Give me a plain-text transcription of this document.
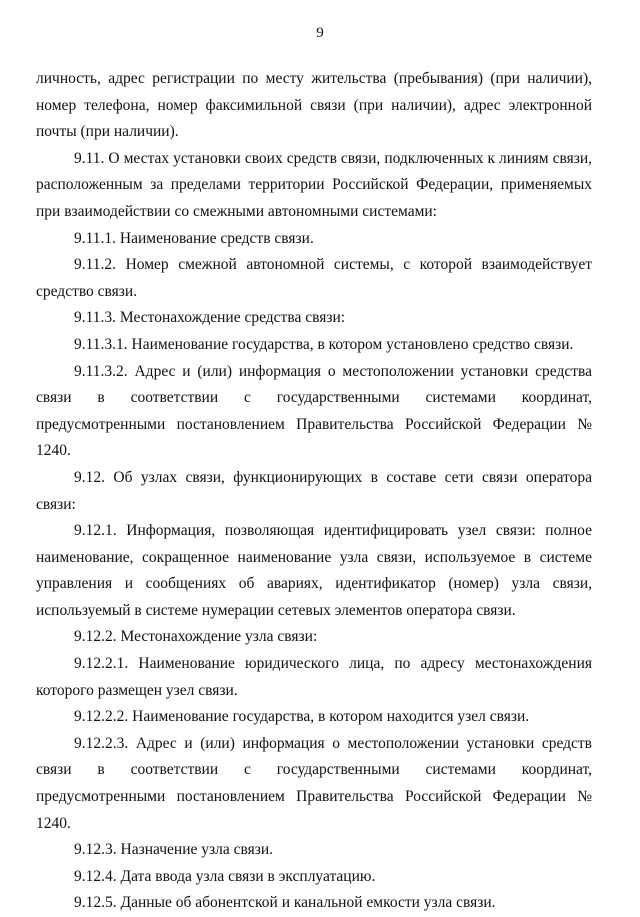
9

личность, адрес регистрации по месту жительства (пребывания) (при наличии), номер телефона, номер факсимильной связи (при наличии), адрес электронной почты (при наличии).

9.11. О местах установки своих средств связи, подключенных к линиям связи, расположенным за пределами территории Российской Федерации, применяемых при взаимодействии со смежными автономными системами:

9.11.1. Наименование средств связи.

9.11.2. Номер смежной автономной системы, с которой взаимодействует средство связи.

9.11.3. Местонахождение средства связи:

9.11.3.1. Наименование государства, в котором установлено средство связи.

9.11.3.2. Адрес и (или) информация о местоположении установки средства связи в соответствии с государственными системами координат, предусмотренными постановлением Правительства Российской Федерации № 1240.

9.12. Об узлах связи, функционирующих в составе сети связи оператора связи:

9.12.1. Информация, позволяющая идентифицировать узел связи: полное наименование, сокращенное наименование узла связи, используемое в системе управления и сообщениях об авариях, идентификатор (номер) узла связи, используемый в системе нумерации сетевых элементов оператора связи.

9.12.2. Местонахождение узла связи:

9.12.2.1. Наименование юридического лица, по адресу местонахождения которого размещен узел связи.

9.12.2.2. Наименование государства, в котором находится узел связи.

9.12.2.3. Адрес и (или) информация о местоположении установки средств связи в соответствии с государственными системами координат, предусмотренными постановлением Правительства Российской Федерации № 1240.

9.12.3. Назначение узла связи.

9.12.4. Дата ввода узла связи в эксплуатацию.

9.12.5. Данные об абонентской и канальной емкости узла связи.
